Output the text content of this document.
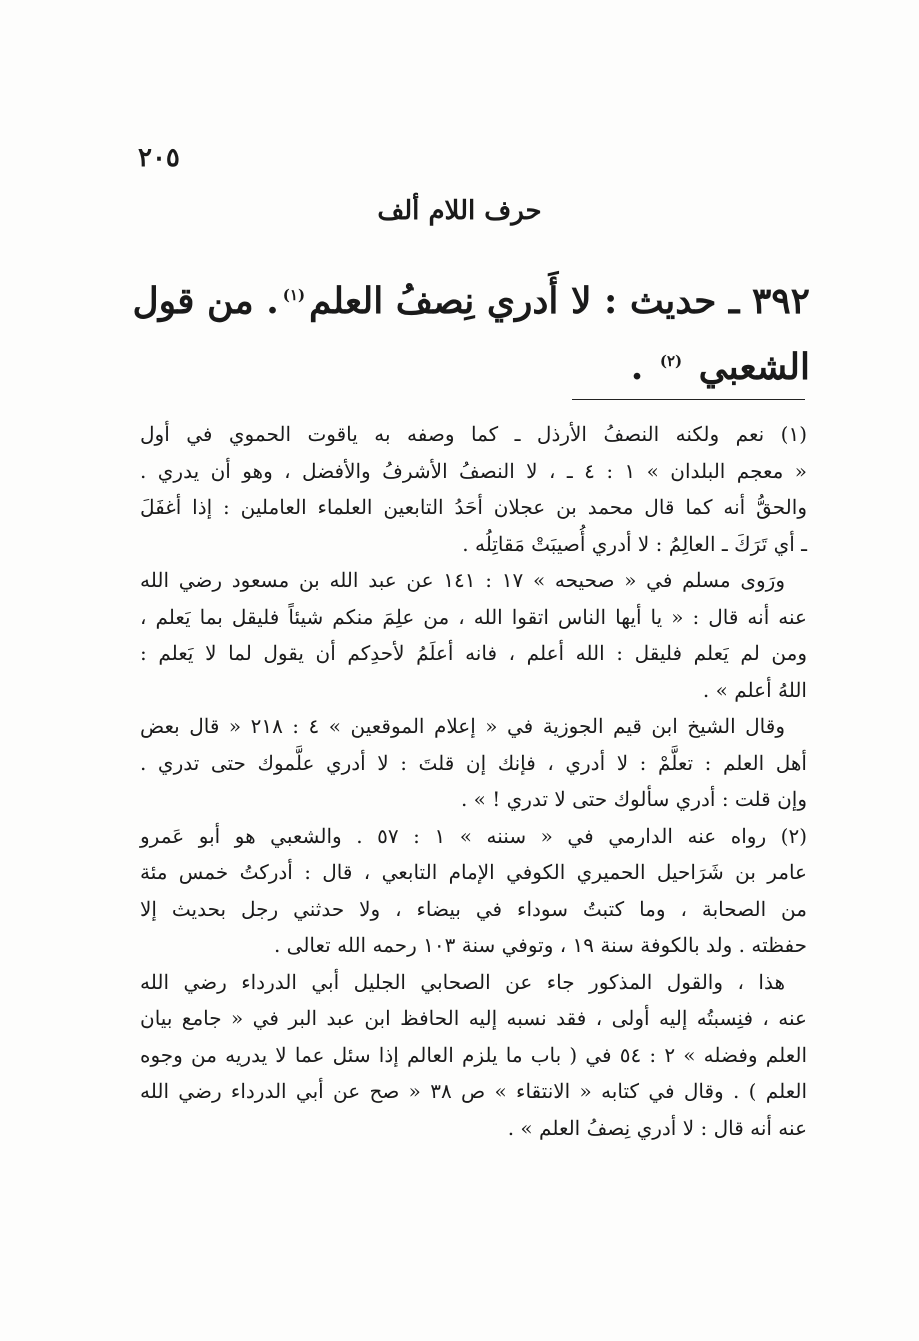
٢٠٥
حرف اللام ألف
٣٩٢ ـ حديث : لا أَدري نِصفُ العلم$^{(١)}$. من قول
الشعبي $^{(٢)}$ .
(١) نعم ولكنه النصفُ الأرذل ـ كما وصفه به ياقوت الحموي في أول
« معجم البلدان » ١ : ٤ ـ ، لا النصفُ الأشرفُ والأفضل ، وهو أن يدري .
والحقُّ أنه كما قال محمد بن عجلان أحَدُ التابعين العلماء العاملين : إذا أغفَلَ
ـ أي تَرَكَ ـ العالِمُ : لا أدري أُصيبَتْ مَقاتِلُه .
ورَوى مسلم في « صحيحه » ١٧ : ١٤١ عن عبد الله بن مسعود رضي الله
عنه أنه قال : « يا أيها الناس اتقوا الله ، من علِمَ منكم شيئاً فليقل بما يَعلم ،
ومن لم يَعلم فليقل : الله أعلم ، فانه أعلَمُ لأحدِكم أن يقول لما لا يَعلم :
اللهُ أعلم » .
وقال الشيخ ابن قيم الجوزية في « إعلام الموقعين » ٤ : ٢١٨ « قال بعض
أهل العلم : تعلَّمْ : لا أدري ، فإنك إن قلتَ : لا أدري علَّموك حتى تدري .
وإن قلت : أدري سألوك حتى لا تدري ! » .
(٢) رواه عنه الدارمي في « سننه » ١ : ٥٧ . والشعبي هو أبو عَمرو
عامر بن شَرَاحيل الحميري الكوفي الإمام التابعي ، قال : أدركتُ خمس مئة
من الصحابة ، وما كتبتُ سوداء في بيضاء ، ولا حدثني رجل بحديث إلا
حفظته . ولد بالكوفة سنة ١٩ ، وتوفي سنة ١٠٣ رحمه الله تعالى .
هذا ، والقول المذكور جاء عن الصحابي الجليل أبي الدرداء رضي الله
عنه ، فنِسبتُه إليه أولى ، فقد نسبه إليه الحافظ ابن عبد البر في « جامع بيان
العلم وفضله » ٢ : ٥٤ في ( باب ما يلزم العالم إذا سئل عما لا يدريه من وجوه
العلم ) . وقال في كتابه « الانتقاء » ص ٣٨ « صح عن أبي الدرداء رضي الله
عنه أنه قال : لا أدري نِصفُ العلم » .
